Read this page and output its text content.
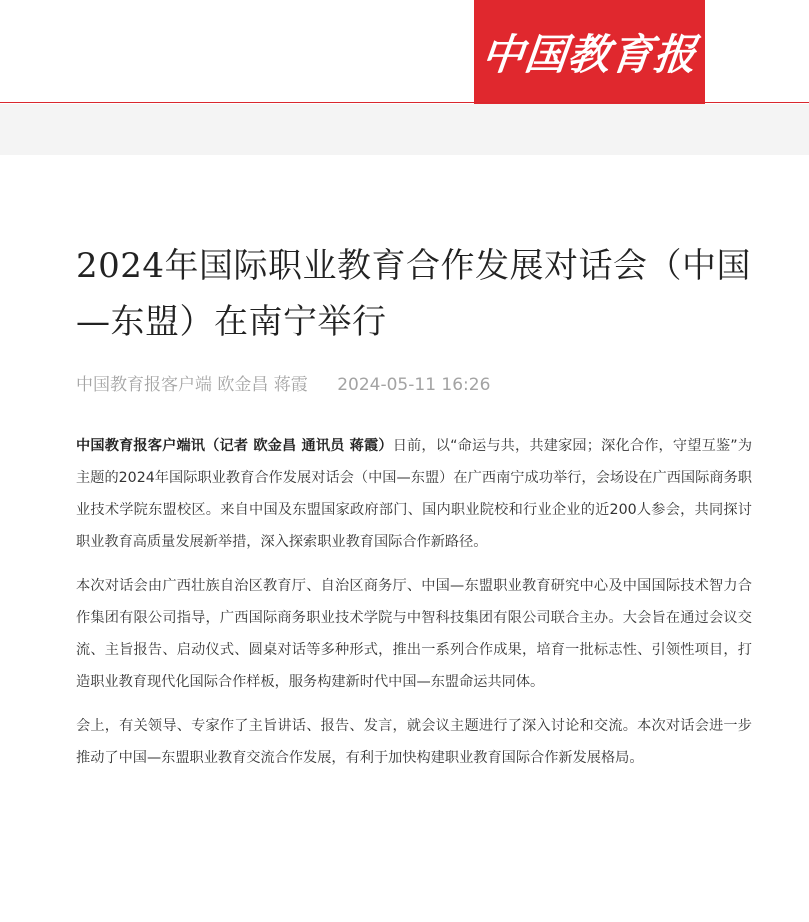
中国教育报
2024年国际职业教育合作发展对话会（中国—东盟）在南宁举行
中国教育报客户端 欧金昌 蒋霞 2024-05-11 16:26

中国教育报客户端讯（记者 欧金昌 通讯员 蒋霞）日前，以“命运与共，共建家园；深化合作，守望互鉴”为主题的2024年国际职业教育合作发展对话会（中国—东盟）在广西南宁成功举行，会场设在广西国际商务职业技术学院东盟校区。来自中国及东盟国家政府部门、国内职业院校和行业企业的近200人参会，共同探讨职业教育高质量发展新举措，深入探索职业教育国际合作新路径。

本次对话会由广西壮族自治区教育厅、自治区商务厅、中国—东盟职业教育研究中心及中国国际技术智力合作集团有限公司指导，广西国际商务职业技术学院与中智科技集团有限公司联合主办。大会旨在通过会议交流、主旨报告、启动仪式、圆桌对话等多种形式，推出一系列合作成果，培育一批标志性、引领性项目，打造职业教育现代化国际合作样板，服务构建新时代中国—东盟命运共同体。

会上，有关领导、专家作了主旨讲话、报告、发言，就会议主题进行了深入讨论和交流。本次对话会进一步推动了中国—东盟职业教育交流合作发展，有利于加快构建职业教育国际合作新发展格局。
